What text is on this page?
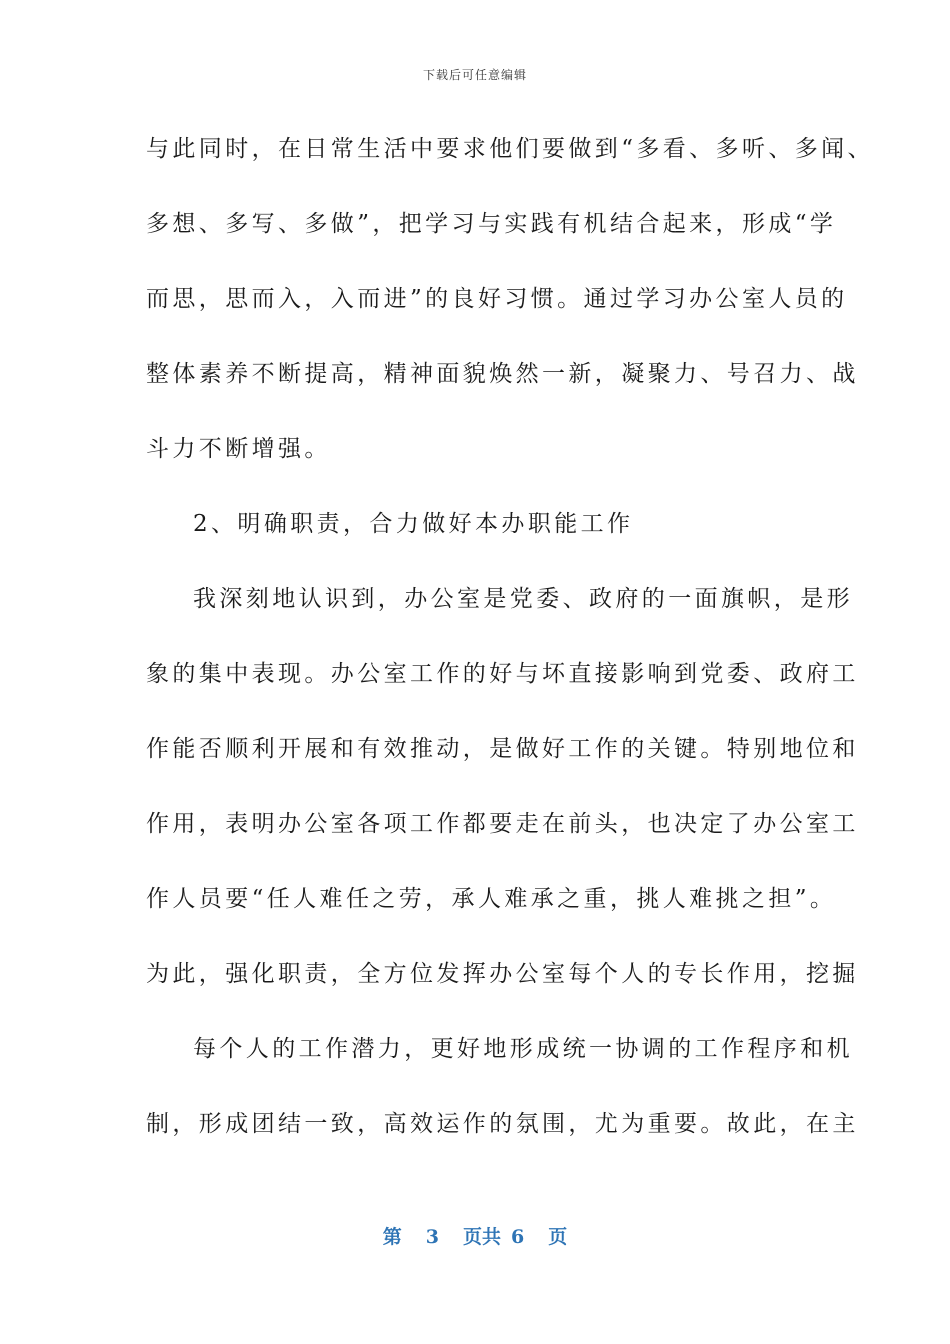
下载后可任意编辑
与此同时，在日常生活中要求他们要做到“多看、多听、多闻、
多想、多写、多做”，把学习与实践有机结合起来，形成“学
而思，思而入，入而进”的良好习惯。通过学习办公室人员的
整体素养不断提高，精神面貌焕然一新，凝聚力、号召力、战
斗力不断增强。
2、明确职责，合力做好本办职能工作
我深刻地认识到，办公室是党委、政府的一面旗帜，是形
象的集中表现。办公室工作的好与坏直接影响到党委、政府工
作能否顺利开展和有效推动，是做好工作的关键。特别地位和
作用，表明办公室各项工作都要走在前头，也决定了办公室工
作人员要“任人难任之劳，承人难承之重，挑人难挑之担”。
为此，强化职责，全方位发挥办公室每个人的专长作用，挖掘
每个人的工作潜力，更好地形成统一协调的工作程序和机
制，形成团结一致，高效运作的氛围，尤为重要。故此，在主
第 3 页共 6 页
